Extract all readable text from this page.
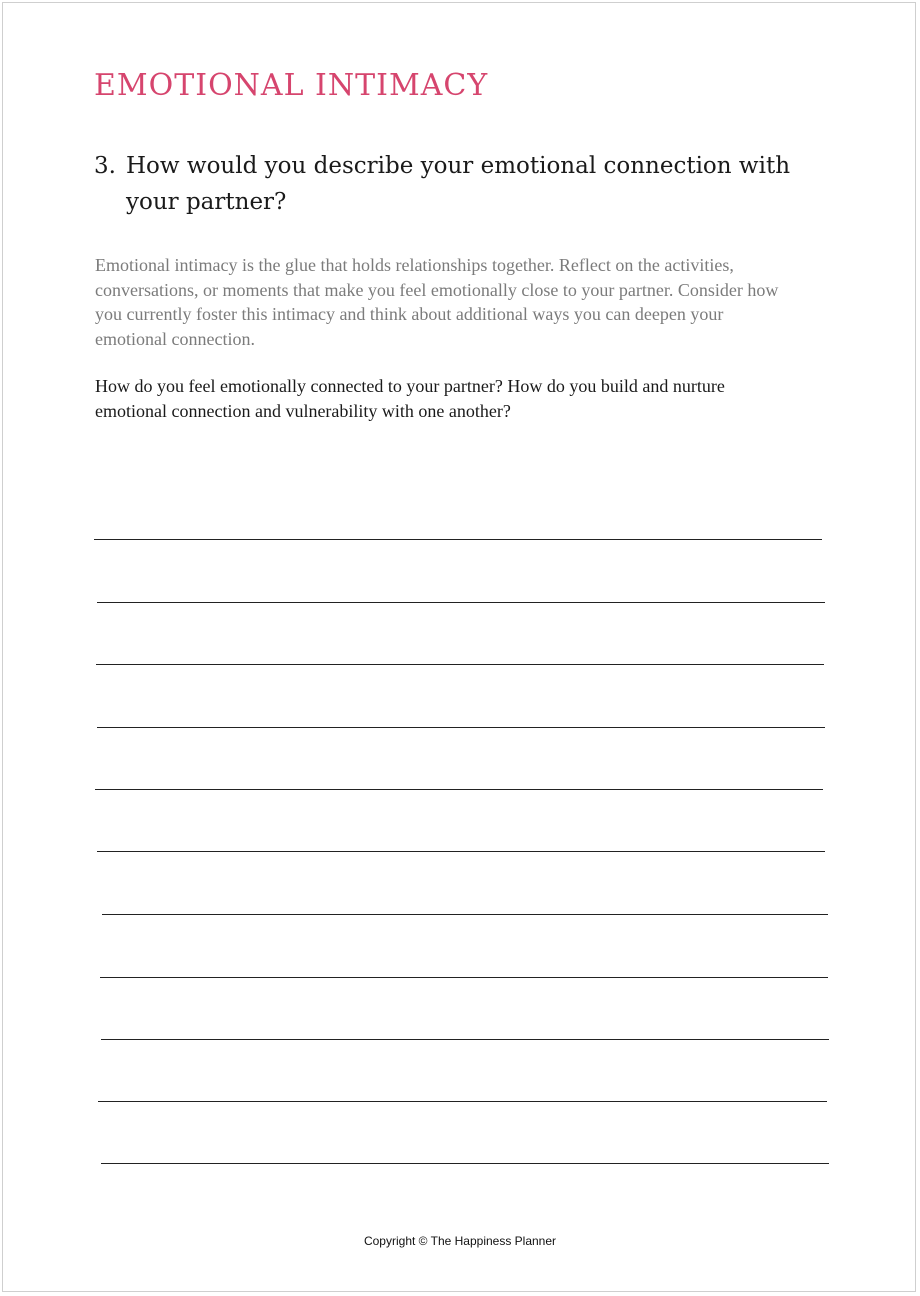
EMOTIONAL INTIMACY
3. How would you describe your emotional connection with your partner?

Emotional intimacy is the glue that holds relationships together. Reflect on the activities, conversations, or moments that make you feel emotionally close to your partner. Consider how you currently foster this intimacy and think about additional ways you can deepen your emotional connection.

How do you feel emotionally connected to your partner? How do you build and nurture emotional connection and vulnerability with one another?

Copyright © The Happiness Planner
